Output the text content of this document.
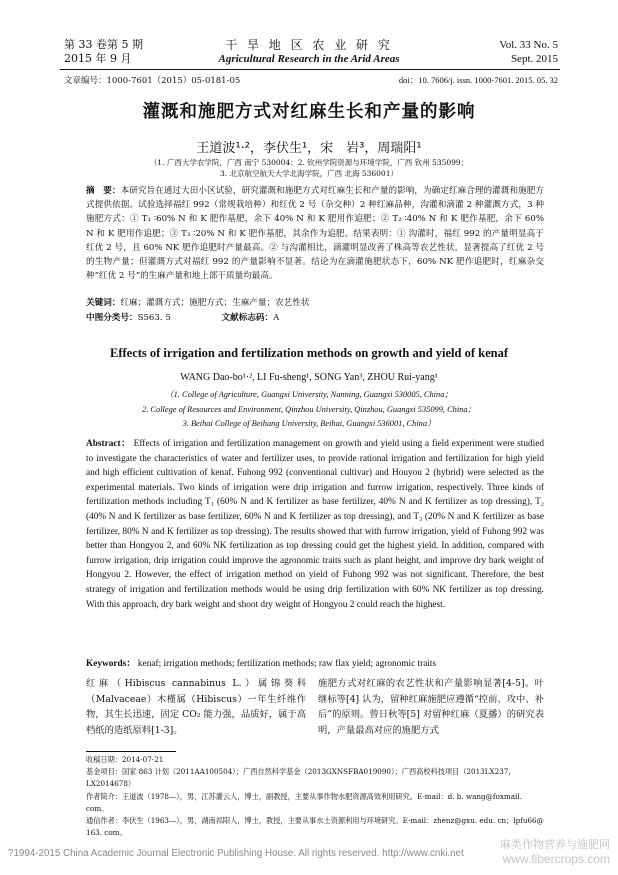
第 33 卷第 5 期
2015 年 9 月
干 旱 地 区 农 业 研 究
Agricultural Research in the Arid Areas
Vol. 33 No. 5
Sept. 2015
文章编号：1000-7601（2015）05-0181-05	doi：10. 7606/j. issn. 1000-7601. 2015. 05. 32
灌溉和施肥方式对红麻生长和产量的影响
王道波¹·²，李伏生¹，宋　岩³，周瑞阳¹
（1. 广西大学农学院，广西 南宁 530004；2. 钦州学院资源与环境学院，广西 钦州 535099；
3. 北京航空航天大学北海学院，广西 北海 536001）
摘　要：本研究旨在通过大田小区试验，研究灌溉和施肥方式对红麻生长和产量的影响，为确定红麻合理的灌溉和施肥方式提供依据。试验选择福红 992（常规栽培种）和红优 2 号（杂交种）2 种红麻品种，沟灌和滴灌 2 种灌溉方式，3 种施肥方式：① T₁ ∶60% N 和 K 肥作基肥，余下 40% N 和 K 肥用作追肥；② T₂ ∶40% N 和 K 肥作基肥，余下 60% N 和 K 肥用作追肥；③ T₃ ∶20% N 和 K 肥作基肥，其余作为追肥。结果表明：① 沟灌时，福红 992 的产量明显高于红优 2 号，且 60% NK 肥作追肥时产量最高。② 与沟灌相比，滴灌明显改善了株高等农艺性状，显著提高了红优 2 号的生物产量；但灌溉方式对福红 992 的产量影响不显著。结论为在滴灌施肥状态下，60% NK 肥作追肥时，红麻杂交种“红优 2 号”的生麻产量和地上部干质量均最高。
关键词：红麻；灌溉方式；施肥方式；生麻产量；农艺性状
中图分类号：S563. 5	文献标志码：A
Effects of irrigation and fertilization methods on growth and yield of kenaf
WANG Dao-bo¹·², LI Fu-sheng¹, SONG Yan³, ZHOU Rui-yang¹
（1. College of Agriculture, Guangxi University, Nanning, Guangxi 530005, China；
2. College of Resources and Environment, Qinzhou University, Qinzhou, Guangxi 535099, China；
3. Beihai College of Beihang University, Beihai, Guangxi 536001, China）
Abstract： Effects of irrigation and fertilization management on growth and yield using a field experiment were studied to investigate the characteristics of water and fertilizer uses, to provide rational irrigation and fertilization for high yield and high efficient cultivation of kenaf. Fuhong 992 (conventional cultivar) and Houyou 2 (hybrid) were selected as the experimental materials. Two kinds of irrigation were drip irrigation and furrow irrigation, respectively. Three kinds of fertilization methods including T₁ (60% N and K fertilizer as base fertilizer, 40% N and K fertilizer as top dressing), T₂ (40% N and K fertilizer as base fertilizer, 60% N and K fertilizer as top dressing), and T₃ (20% N and K fertilizer as base fertilizer, 80% N and K fertilizer as top dressing). The results showed that with furrow irrigation, yield of Fuhong 992 was better than Hongyou 2, and 60% NK fertilization as top dressing could get the highest yield. In addition, compared with furrow irrigation, drip irrigation could improve the agronomic traits such as plant height, and improve dry bark weight of Hongyou 2. However, the effect of irrigation method on yield of Fuhong 992 was not significant. Therefore, the best strategy of irrigation and fertilization methods would be using drip fertilization with 60% NK fertilizer as top dressing. With this approach, dry bark weight and shoot dry weight of Hongyou 2 could reach the highest.
Keywords： kenaf; irrigation methods; fertilization methods; raw flax yield; agronomic traits
红麻（Hibiscus cannabinus L.）属锦葵科（Malvaceae）木槿属（Hibiscus）一年生纤维作物，其生长迅速，固定 CO₂ 能力强，品质好，属于高档纸的造纸原料[1-3]。
施肥方式对红麻的农艺性状和产量影响显著[4-5]。叶继标等[4] 认为，留种红麻施肥应遵循“控前、攻中、补后”的原则。曾日秋等[5] 对留种红麻（夏播）的研究表明，产量最高对应的施肥方式
收稿日期：2014-07-21
基金项目：国家 863 计划（2011AA100504）；广西自然科学基金（2013GXNSFBA019090）；广西高校科技项目（2013LX237，LX2014678）
作者简介：王道波（1978—），男，江苏灌云人，博士，副教授，主要从事作物水肥资源高效利用研究。E-mail：d. b. wang@foxmail. com。
通信作者：李伏生（1963—），男，湖南祁阳人，博士，教授，主要从事水土资源利用与环境研究。E-mail：zhenz@gxu. edu. cn；lpfu66@
163. com。
?1994-2015 China Academic Journal Electronic Publishing House. All rights reserved. http://www.cnki.net
麻类作物营养与施肥网
www.fibercrops.com
